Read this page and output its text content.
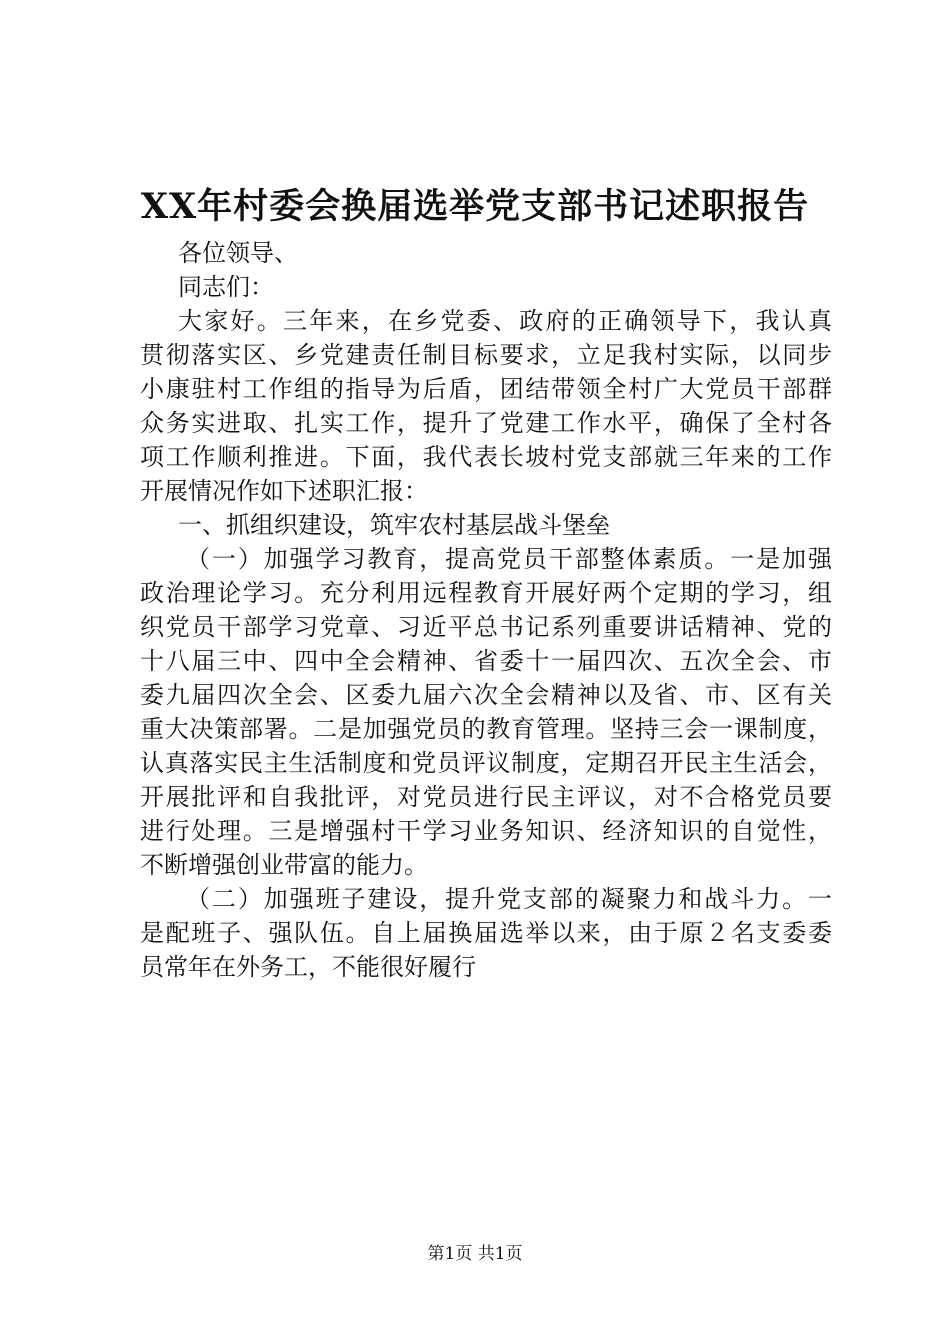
XX年村委会换届选举党支部书记述职报告

各位领导、

同志们：

大家好。三年来，在乡党委、政府的正确领导下，我认真

贯彻落实区、乡党建责任制目标要求，立足我村实际，以同步

小康驻村工作组的指导为后盾，团结带领全村广大党员干部群

众务实进取、扎实工作，提升了党建工作水平，确保了全村各

项工作顺利推进。下面，我代表长坡村党支部就三年来的工作

开展情况作如下述职汇报：

一、抓组织建设，筑牢农村基层战斗堡垒

（一）加强学习教育，提高党员干部整体素质。一是加强

政治理论学习。充分利用远程教育开展好两个定期的学习，组

织党员干部学习党章、习近平总书记系列重要讲话精神、党的

十八届三中、四中全会精神、省委十一届四次、五次全会、市

委九届四次全会、区委九届六次全会精神以及省、市、区有关

重大决策部署。二是加强党员的教育管理。坚持三会一课制度，

认真落实民主生活制度和党员评议制度，定期召开民主生活会，

开展批评和自我批评，对党员进行民主评议，对不合格党员要

进行处理。三是增强村干学习业务知识、经济知识的自觉性，

不断增强创业带富的能力。

（二）加强班子建设，提升党支部的凝聚力和战斗力。一

是配班子、强队伍。自上届换届选举以来，由于原２名支委委

员常年在外务工，不能很好履行

第1页 共1页
